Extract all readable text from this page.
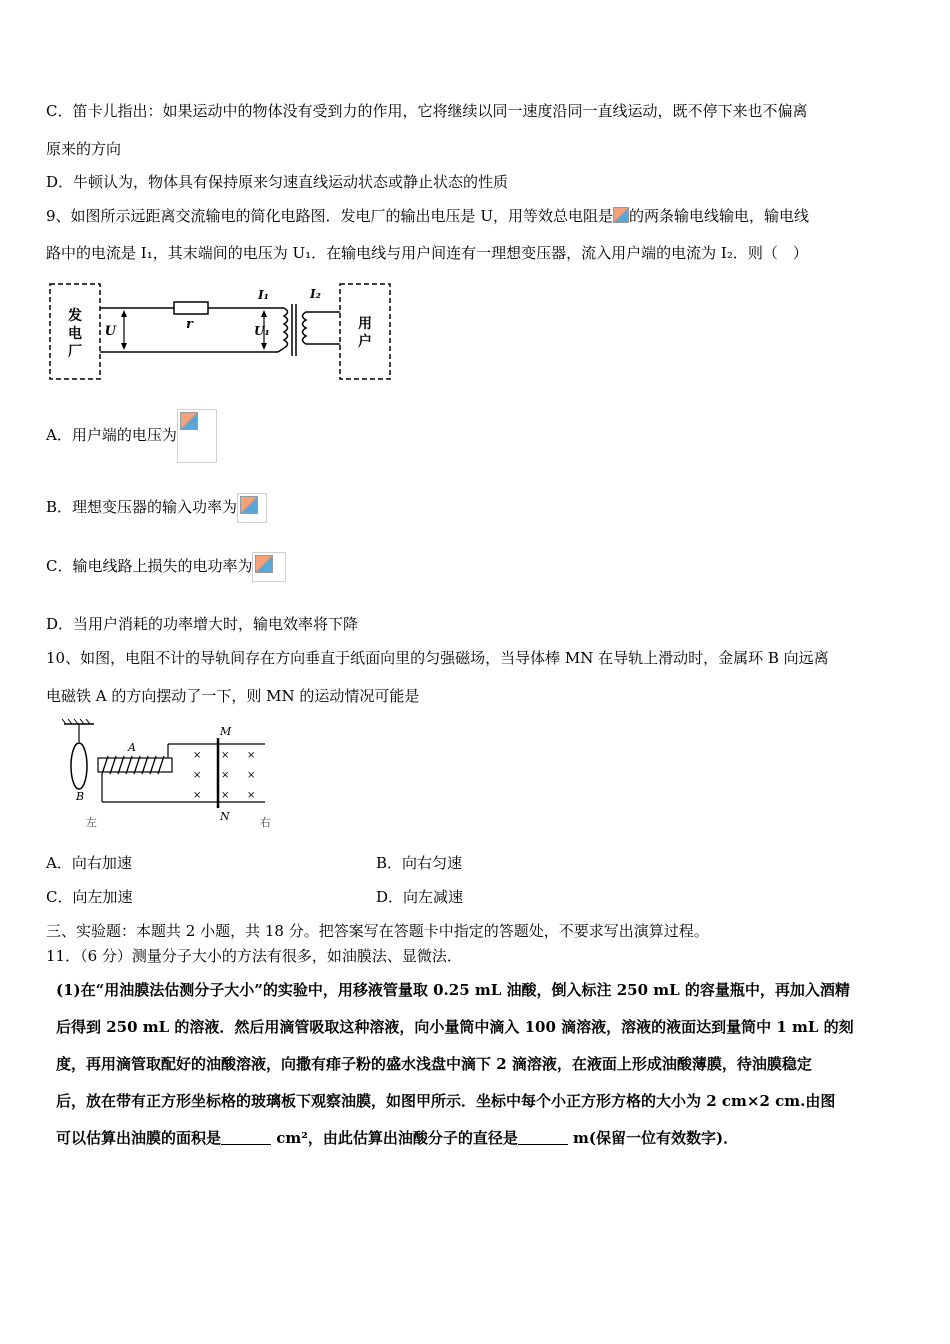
C．笛卡儿指出：如果运动中的物体没有受到力的作用，它将继续以同一速度沿同一直线运动，既不停下来也不偏离
原来的方向
D．牛顿认为，物体具有保持原来匀速直线运动状态或静止状态的性质
9、如图所示远距离交流输电的简化电路图．发电厂的输出电压是 U，用等效总电阻是 的两条输电线输电，输电线
路中的电流是 I₁，其末端间的电压为 U₁．在输电线与用户间连有一理想变压器，流入用户端的电流为 I₂．则（　）
发
电
厂
r
U
I₁
U₁
I₂
用
户
A．用户端的电压为
B．理想变压器的输入功率为
C．输电线路上损失的电功率为
D．当用户消耗的功率增大时，输电效率将下降
10、如图，电阻不计的导轨间存在方向垂直于纸面向里的匀强磁场，当导体棒 MN 在导轨上滑动时，金属环 B 向远离
电磁铁 A 的方向摆动了一下，则 MN 的运动情况可能是
B
A
M
N
×
×
×
×
×
×
×
×
×
左	右
A．向右加速	B．向右匀速
C．向左加速	D．向左减速
三、实验题：本题共 2 小题，共 18 分。把答案写在答题卡中指定的答题处，不要求写出演算过程。
11．（6 分）测量分子大小的方法有很多，如油膜法、显微法．
(1)在“用油膜法估测分子大小”的实验中，用移液管量取 0.25 mL 油酸，倒入标注 250 mL 的容量瓶中，再加入酒精
后得到 250 mL 的溶液．然后用滴管吸取这种溶液，向小量筒中滴入 100 滴溶液，溶液的液面达到量筒中 1 mL 的刻
度，再用滴管取配好的油酸溶液，向撒有痱子粉的盛水浅盘中滴下 2 滴溶液，在液面上形成油酸薄膜，待油膜稳定
后，放在带有正方形坐标格的玻璃板下观察油膜，如图甲所示．坐标中每个小正方形方格的大小为 2 cm×2 cm.由图
可以估算出油膜的面积是	cm²，由此估算出油酸分子的直径是	m(保留一位有效数字)．
